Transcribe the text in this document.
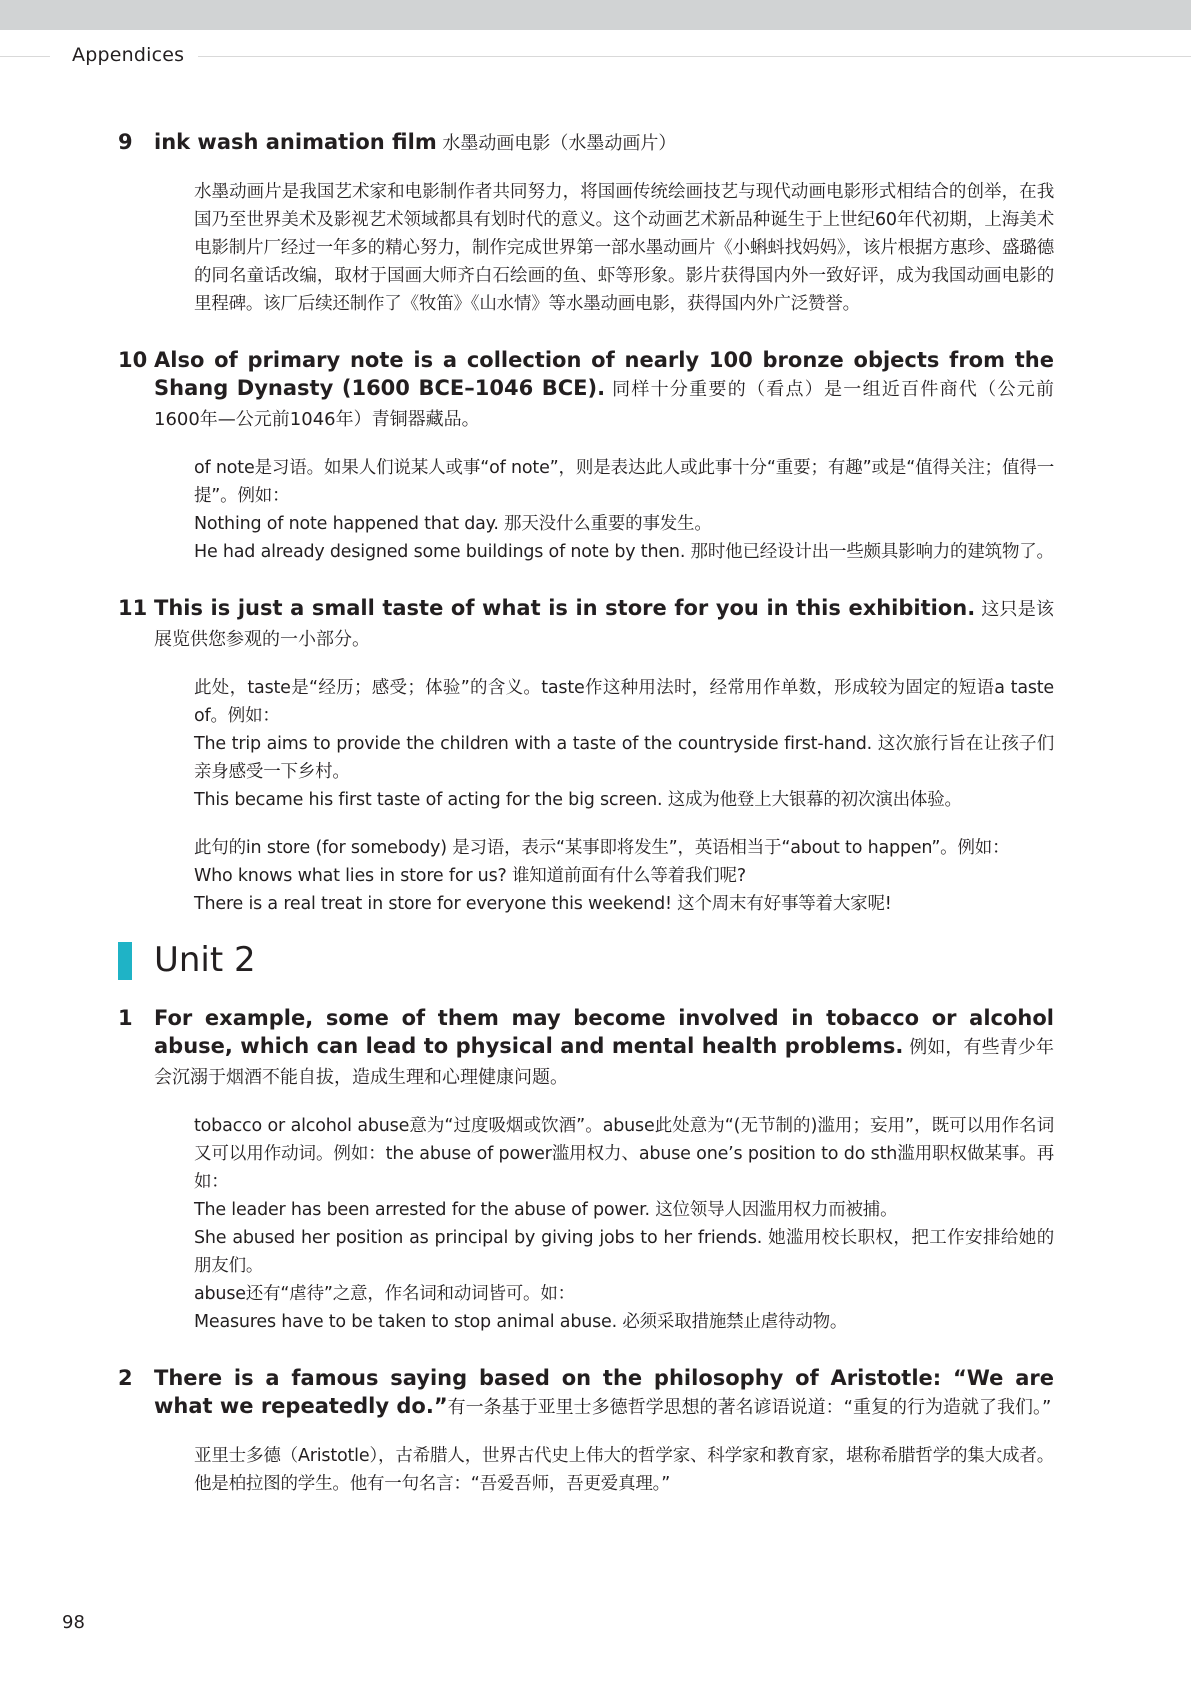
Appendices
9 ink wash animation film 水墨动画电影（水墨动画片）
水墨动画片是我国艺术家和电影制作者共同努力，将国画传统绘画技艺与现代动画电影形式相结合的创举，在我国乃至世界美术及影视艺术领域都具有划时代的意义。这个动画艺术新品种诞生于上世纪60年代初期，上海美术电影制片厂经过一年多的精心努力，制作完成世界第一部水墨动画片《小蝌蚪找妈妈》，该片根据方惠珍、盛璐德的同名童话改编，取材于国画大师齐白石绘画的鱼、虾等形象。影片获得国内外一致好评，成为我国动画电影的里程碑。该厂后续还制作了《牧笛》《山水情》等水墨动画电影，获得国内外广泛赞誉。
10 Also of primary note is a collection of nearly 100 bronze objects from the Shang Dynasty (1600 BCE–1046 BCE). 同样十分重要的（看点）是一组近百件商代（公元前1600年—公元前1046年）青铜器藏品。
of note是习语。如果人们说某人或事“of note”，则是表达此人或此事十分“重要；有趣”或是“值得关注；值得一提”。例如：
Nothing of note happened that day. 那天没什么重要的事发生。
He had already designed some buildings of note by then. 那时他已经设计出一些颇具影响力的建筑物了。
11 This is just a small taste of what is in store for you in this exhibition. 这只是该展览供您参观的一小部分。
此处，taste是“经历；感受；体验”的含义。taste作这种用法时，经常用作单数，形成较为固定的短语a taste of。例如：
The trip aims to provide the children with a taste of the countryside first-hand. 这次旅行旨在让孩子们亲身感受一下乡村。
This became his first taste of acting for the big screen. 这成为他登上大银幕的初次演出体验。
此句的in store (for somebody) 是习语，表示“某事即将发生”，英语相当于“about to happen”。例如：
Who knows what lies in store for us? 谁知道前面有什么等着我们呢?
There is a real treat in store for everyone this weekend! 这个周末有好事等着大家呢!
Unit 2
1 For example, some of them may become involved in tobacco or alcohol abuse, which can lead to physical and mental health problems. 例如，有些青少年会沉溺于烟酒不能自拔，造成生理和心理健康问题。
tobacco or alcohol abuse意为“过度吸烟或饮酒”。abuse此处意为“(无节制的)滥用；妄用”，既可以用作名词又可以用作动词。例如：the abuse of power滥用权力、abuse one’s position to do sth滥用职权做某事。再如：
The leader has been arrested for the abuse of power. 这位领导人因滥用权力而被捕。
She abused her position as principal by giving jobs to her friends. 她滥用校长职权，把工作安排给她的朋友们。
abuse还有“虐待”之意，作名词和动词皆可。如：
Measures have to be taken to stop animal abuse. 必须采取措施禁止虐待动物。
2 There is a famous saying based on the philosophy of Aristotle: “We are what we repeatedly do.”有一条基于亚里士多德哲学思想的著名谚语说道：“重复的行为造就了我们。”
亚里士多德（Aristotle），古希腊人，世界古代史上伟大的哲学家、科学家和教育家，堪称希腊哲学的集大成者。他是柏拉图的学生。他有一句名言：“吾爱吾师，吾更爱真理。”
98
